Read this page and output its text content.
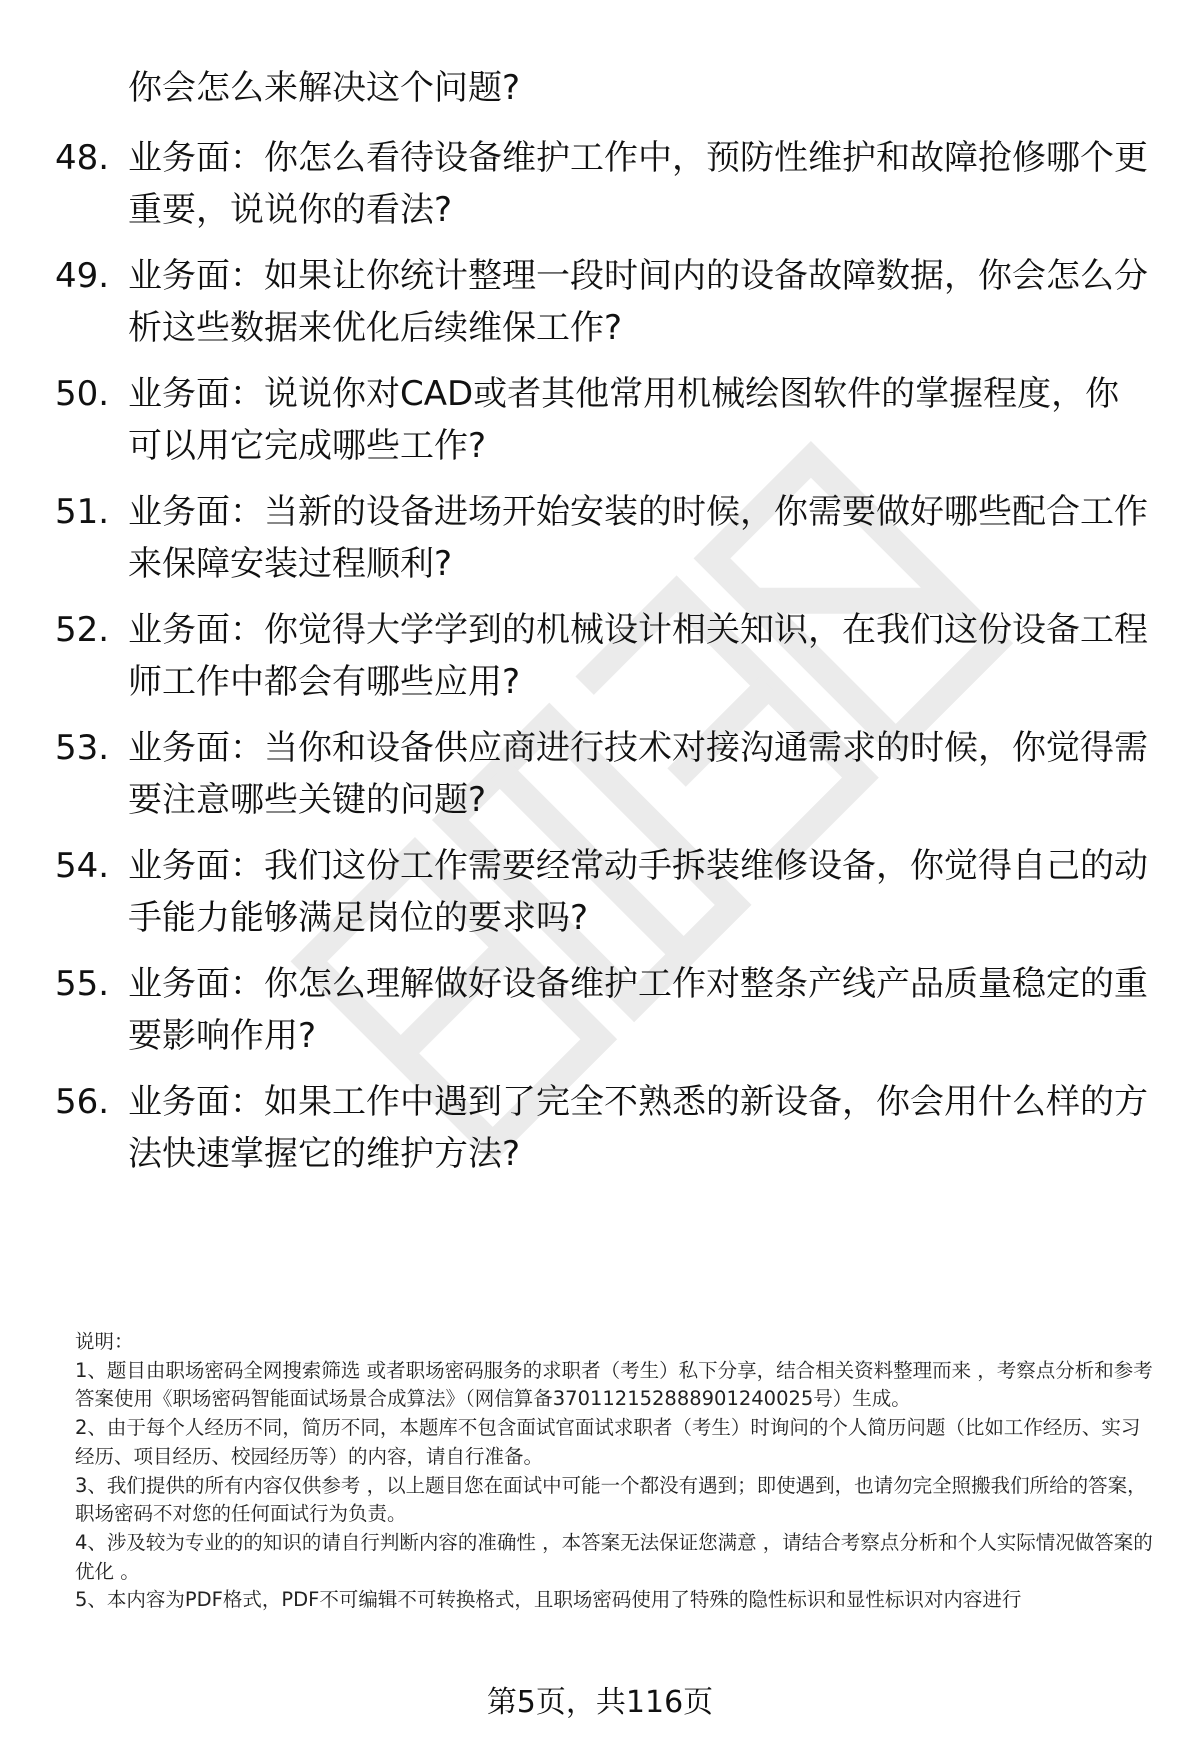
你会怎么来解决这个问题?
48. 业务面：你怎么看待设备维护工作中，预防性维护和故障抢修哪个更重要，说说你的看法?
49. 业务面：如果让你统计整理一段时间内的设备故障数据，你会怎么分析这些数据来优化后续维保工作?
50. 业务面：说说你对CAD或者其他常用机械绘图软件的掌握程度，你可以用它完成哪些工作?
51. 业务面：当新的设备进场开始安装的时候，你需要做好哪些配合工作来保障安装过程顺利?
52. 业务面：你觉得大学学到的机械设计相关知识，在我们这份设备工程师工作中都会有哪些应用?
53. 业务面：当你和设备供应商进行技术对接沟通需求的时候，你觉得需要注意哪些关键的问题?
54. 业务面：我们这份工作需要经常动手拆装维修设备，你觉得自己的动手能力能够满足岗位的要求吗?
55. 业务面：你怎么理解做好设备维护工作对整条产线产品质量稳定的重要影响作用?
56. 业务面：如果工作中遇到了完全不熟悉的新设备，你会用什么样的方法快速掌握它的维护方法?

说明：

1、题目由职场密码全网搜索筛选 或者职场密码服务的求职者（考生）私下分享，结合相关资料整理而来 ，考察点分析和参考答案使用《职场密码智能面试场景合成算法》（网信算备370112152888901240025号）生成。

2、由于每个人经历不同，简历不同，本题库不包含面试官面试求职者（考生）时询问的个人简历问题（比如工作经历、实习经历、项目经历、校园经历等）的内容，请自行准备。

3、我们提供的所有内容仅供参考 ，以上题目您在面试中可能一个都没有遇到；即使遇到，也请勿完全照搬我们所给的答案，职场密码不对您的任何面试行为负责。

4、涉及较为专业的的知识的请自行判断内容的准确性 ，本答案无法保证您满意 ，请结合考察点分析和个人实际情况做答案的优化 。

5、本内容为PDF格式，PDF不可编辑不可转换格式，且职场密码使用了特殊的隐性标识和显性标识对内容进行

第5页，共116页
